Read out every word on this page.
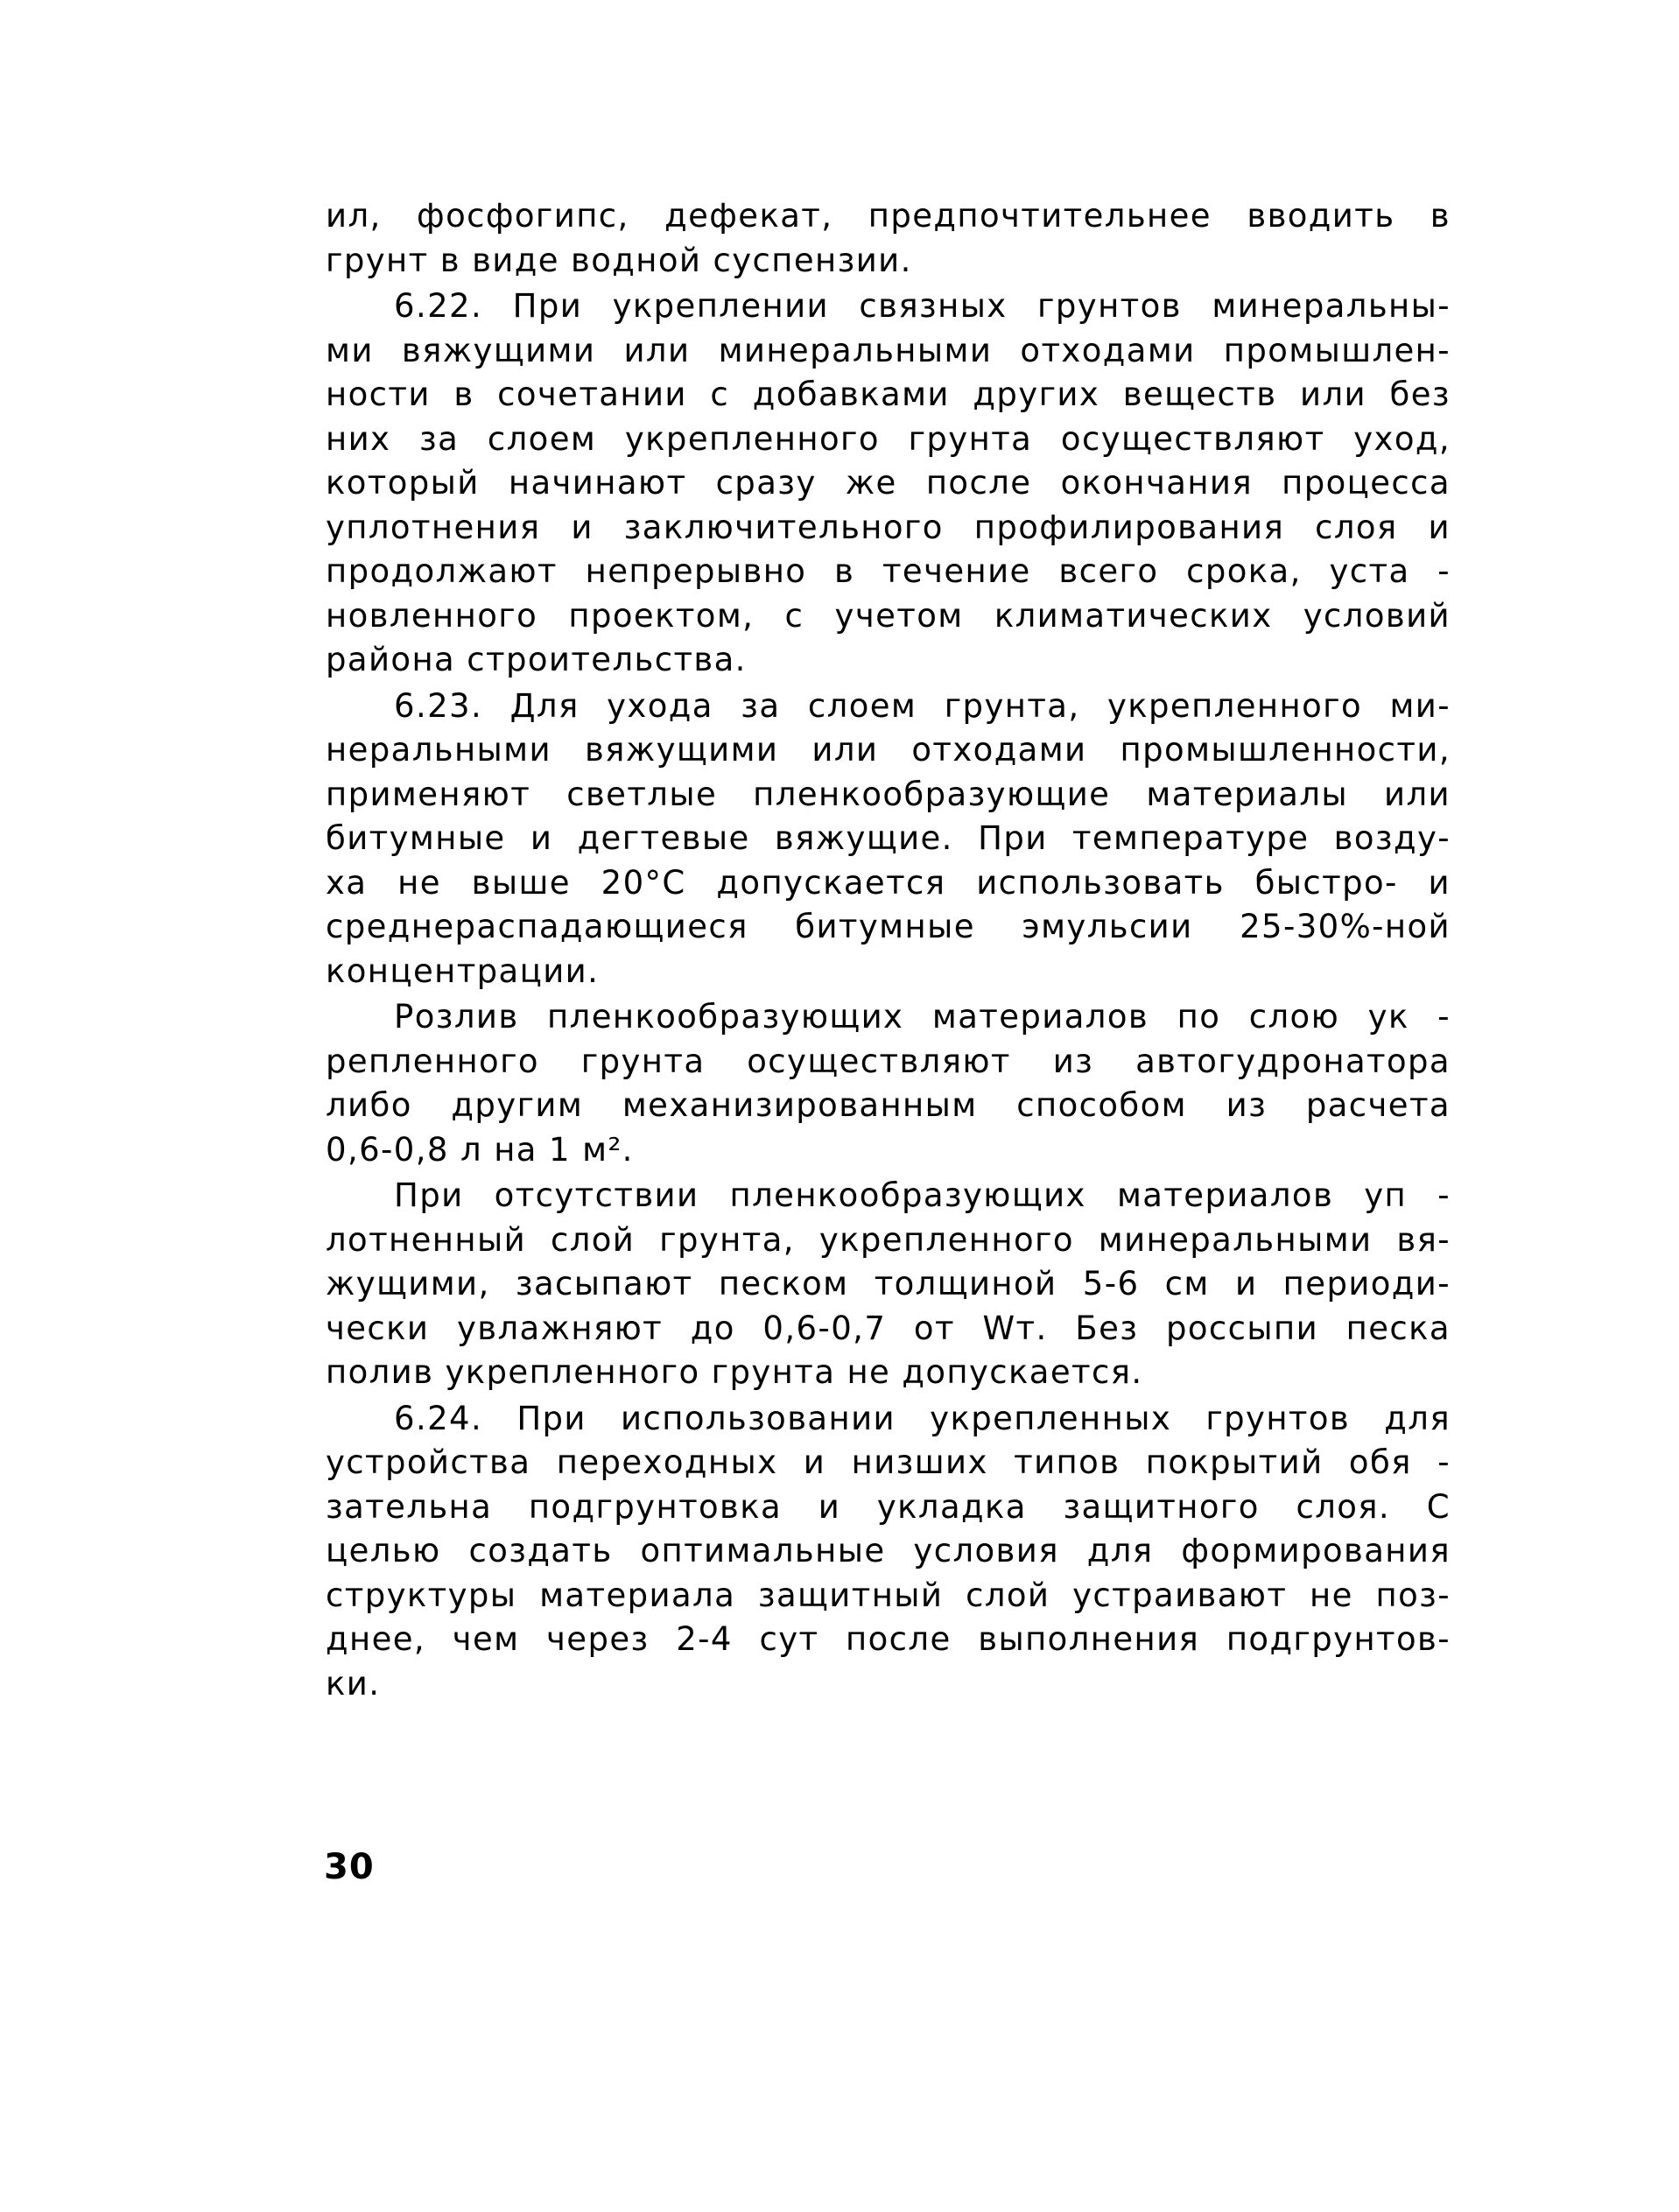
ил, фосфогипс, дефекат, предпочтительнее вводить в
грунт в виде водной суспензии.
6.22. При укреплении связных грунтов минеральны-
ми вяжущими или минеральными отходами промышлен-
ности в сочетании с добавками других веществ или без
них за слоем укрепленного грунта осуществляют уход,
который начинают сразу же после окончания процесса
уплотнения и заключительного профилирования слоя и
продолжают непрерывно в течение всего срока, уста -
новленного проектом, с учетом климатических условий
района строительства.
6.23. Для ухода за слоем грунта, укрепленного ми-
неральными вяжущими или отходами промышленности,
применяют светлые пленкообразующие материалы или
битумные и дегтевые вяжущие. При температуре возду-
ха не выше 20°С допускается использовать быстро- и
среднераспадающиеся битумные эмульсии 25-30%-ной
концентрации.
Розлив пленкообразующих материалов по слою ук -
репленного грунта осуществляют из автогудронатора
либо другим механизированным способом из расчета
0,6-0,8 л на 1 м².
При отсутствии пленкообразующих материалов уп -
лотненный слой грунта, укрепленного минеральными вя-
жущими, засыпают песком толщиной 5-6 см и периоди-
чески увлажняют до 0,6-0,7 от Wт. Без россыпи песка
полив укрепленного грунта не допускается.
6.24. При использовании укрепленных грунтов для
устройства переходных и низших типов покрытий обя -
зательна подгрунтовка и укладка защитного слоя. С
целью создать оптимальные условия для формирования
структуры материала защитный слой устраивают не поз-
днее, чем через 2-4 сут после выполнения подгрунтов-
ки.
30
